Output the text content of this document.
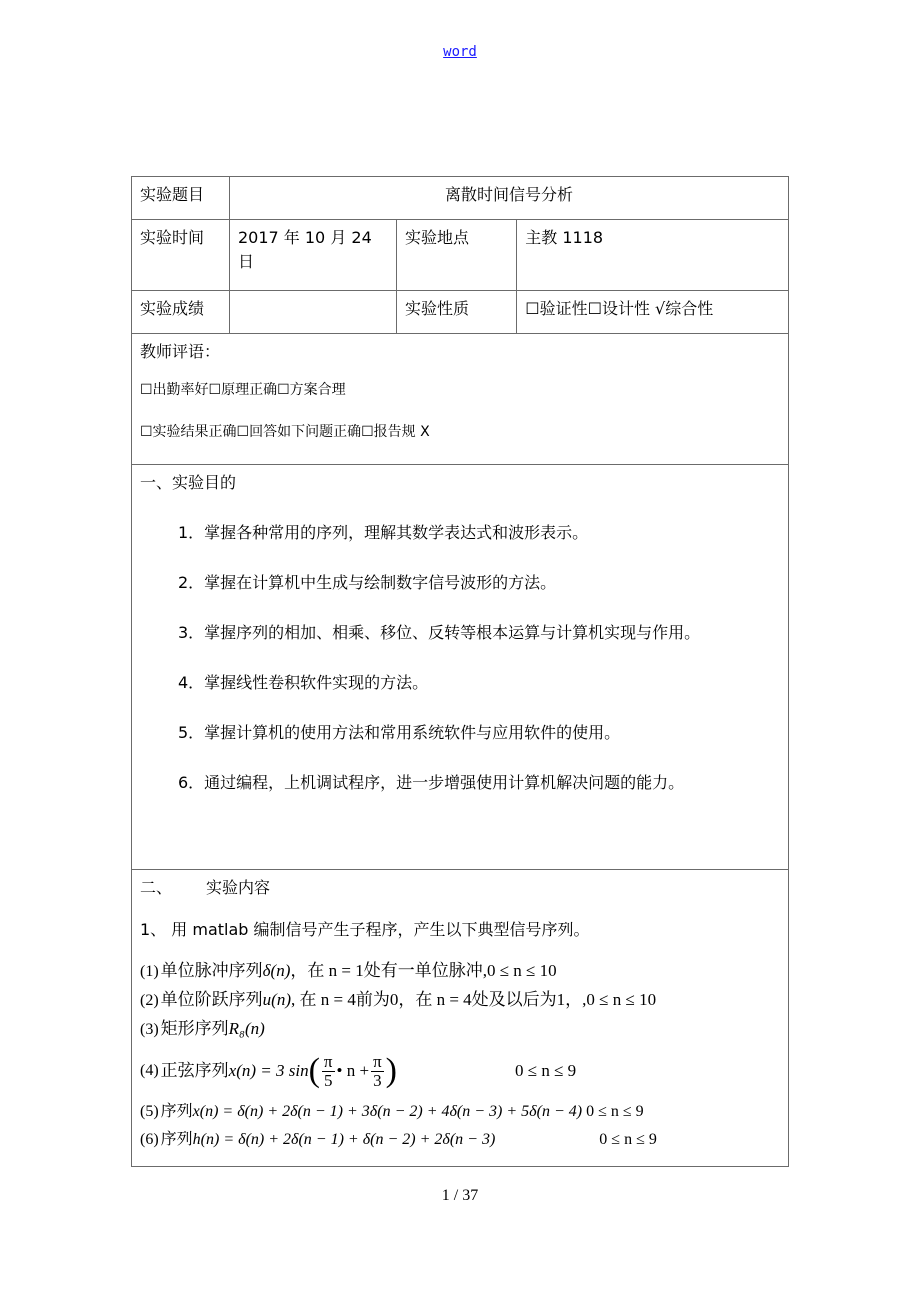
word
实验题目	离散时间信号分析		
实验时间	2017 年 10 月 24 日	实验地点	主教 1118
实验成绩		实验性质	☐验证性☐设计性 √综合性

教师评语：
☐出勤率好☐原理正确☐方案合理
☐实验结果正确☐回答如下问题正确☐报告规 X			

一、实验目的
1．掌握各种常用的序列，理解其数学表达式和波形表示。
2．掌握在计算机中生成与绘制数字信号波形的方法。
3．掌握序列的相加、相乘、移位、反转等根本运算与计算机实现与作用。
4．掌握线性卷积软件实现的方法。
5．掌握计算机的使用方法和常用系统软件与应用软件的使用。
6．通过编程，上机调试程序，进一步增强使用计算机解决问题的能力。

二、 实验内容
1、 用 matlab 编制信号产生子程序，产生以下典型信号序列。
(1) 单位脉冲序列δ(n)，在 n = 1处有一单位脉冲,0 ≤ n ≤ 10
(2) 单位阶跃序列u(n), 在 n = 4前为0，在 n = 4处及以后为1，,0 ≤ n ≤ 10
(3) 矩形序列R₈(n)
(4) 正弦序列 x(n) = 3 sin ( $\frac{\pi}{5}$ • $n + \frac{\pi}{3}$ )	0 ≤ n ≤ 9
(5) 序列x(n) = δ(n) + 2δ(n − 1) + 3δ(n − 2) + 4δ(n − 3) + 5δ(n − 4) 0 ≤ n ≤ 9
(6) 序列h(n) = δ(n) + 2δ(n − 1) + δ(n − 2) + 2δ(n − 3)	0 ≤ n ≤ 9
1 / 37
